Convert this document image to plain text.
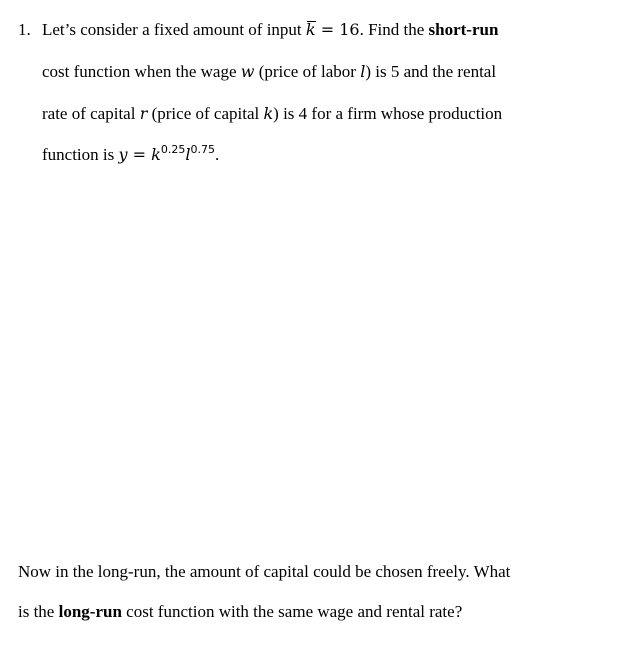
1. Let’s consider a fixed amount of input k = 16. Find the short-run
cost function when the wage w (price of labor l) is 5 and the rental
rate of capital r (price of capital k) is 4 for a firm whose production
function is $y = k^{0.25}l^{0.75}$.
Now in the long-run, the amount of capital could be chosen freely. What
is the long-run cost function with the same wage and rental rate?
